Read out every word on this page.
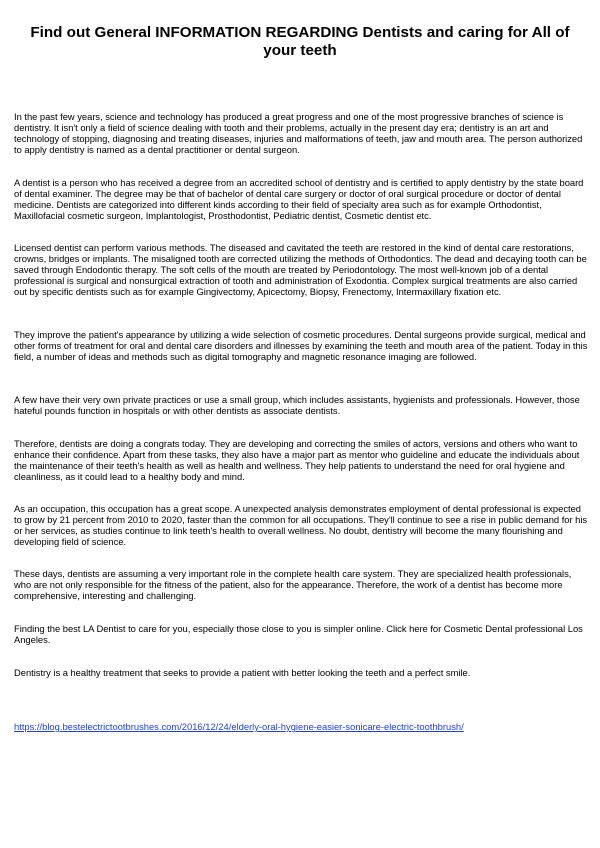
Find out General INFORMATION REGARDING Dentists and caring for All of your teeth

In the past few years, science and technology has produced a great progress and one of the most progressive branches of science is dentistry. It isn't only a field of science dealing with tooth and their problems, actually in the present day era; dentistry is an art and technology of stopping, diagnosing and treating diseases, injuries and malformations of teeth, jaw and mouth area. The person authorized to apply dentistry is named as a dental practitioner or dental surgeon.

A dentist is a person who has received a degree from an accredited school of dentistry and is certified to apply dentistry by the state board of dental examiner. The degree may be that of bachelor of dental care surgery or doctor of oral surgical procedure or doctor of dental medicine. Dentists are categorized into different kinds according to their field of specialty area such as for example Orthodontist, Maxillofacial cosmetic surgeon, Implantologist, Prosthodontist, Pediatric dentist, Cosmetic dentist etc.

Licensed dentist can perform various methods. The diseased and cavitated the teeth are restored in the kind of dental care restorations, crowns, bridges or implants. The misaligned tooth are corrected utilizing the methods of Orthodontics. The dead and decaying tooth can be saved through Endodontic therapy. The soft cells of the mouth are treated by Periodontology. The most well-known job of a dental professional is surgical and nonsurgical extraction of tooth and administration of Exodontia. Complex surgical treatments are also carried out by specific dentists such as for example Gingivectomy, Apicectomy, Biopsy, Frenectomy, Intermaxillary fixation etc.

They improve the patient's appearance by utilizing a wide selection of cosmetic procedures. Dental surgeons provide surgical, medical and other forms of treatment for oral and dental care disorders and illnesses by examining the teeth and mouth area of the patient. Today in this field, a number of ideas and methods such as digital tomography and magnetic resonance imaging are followed.

A few have their very own private practices or use a small group, which includes assistants, hygienists and professionals. However, those hateful pounds function in hospitals or with other dentists as associate dentists.

Therefore, dentists are doing a congrats today. They are developing and correcting the smiles of actors, versions and others who want to enhance their confidence. Apart from these tasks, they also have a major part as mentor who guideline and educate the individuals about the maintenance of their teeth's health as well as health and wellness. They help patients to understand the need for oral hygiene and cleanliness, as it could lead to a healthy body and mind.

As an occupation, this occupation has a great scope. A unexpected analysis demonstrates employment of dental professional is expected to grow by 21 percent from 2010 to 2020, faster than the common for all occupations. They'll continue to see a rise in public demand for his or her services, as studies continue to link teeth's health to overall wellness. No doubt, dentistry will become the many flourishing and developing field of science.

These days, dentists are assuming a very important role in the complete health care system. They are specialized health professionals, who are not only responsible for the fitness of the patient, also for the appearance. Therefore, the work of a dentist has become more comprehensive, interesting and challenging.

Finding the best LA Dentist to care for you, especially those close to you is simpler online. Click here for Cosmetic Dental professional Los Angeles.

Dentistry is a healthy treatment that seeks to provide a patient with better looking the teeth and a perfect smile.

https://blog.bestelectrictootbrushes.com/2016/12/24/elderly-oral-hygiene-easier-sonicare-electric-toothbrush/
